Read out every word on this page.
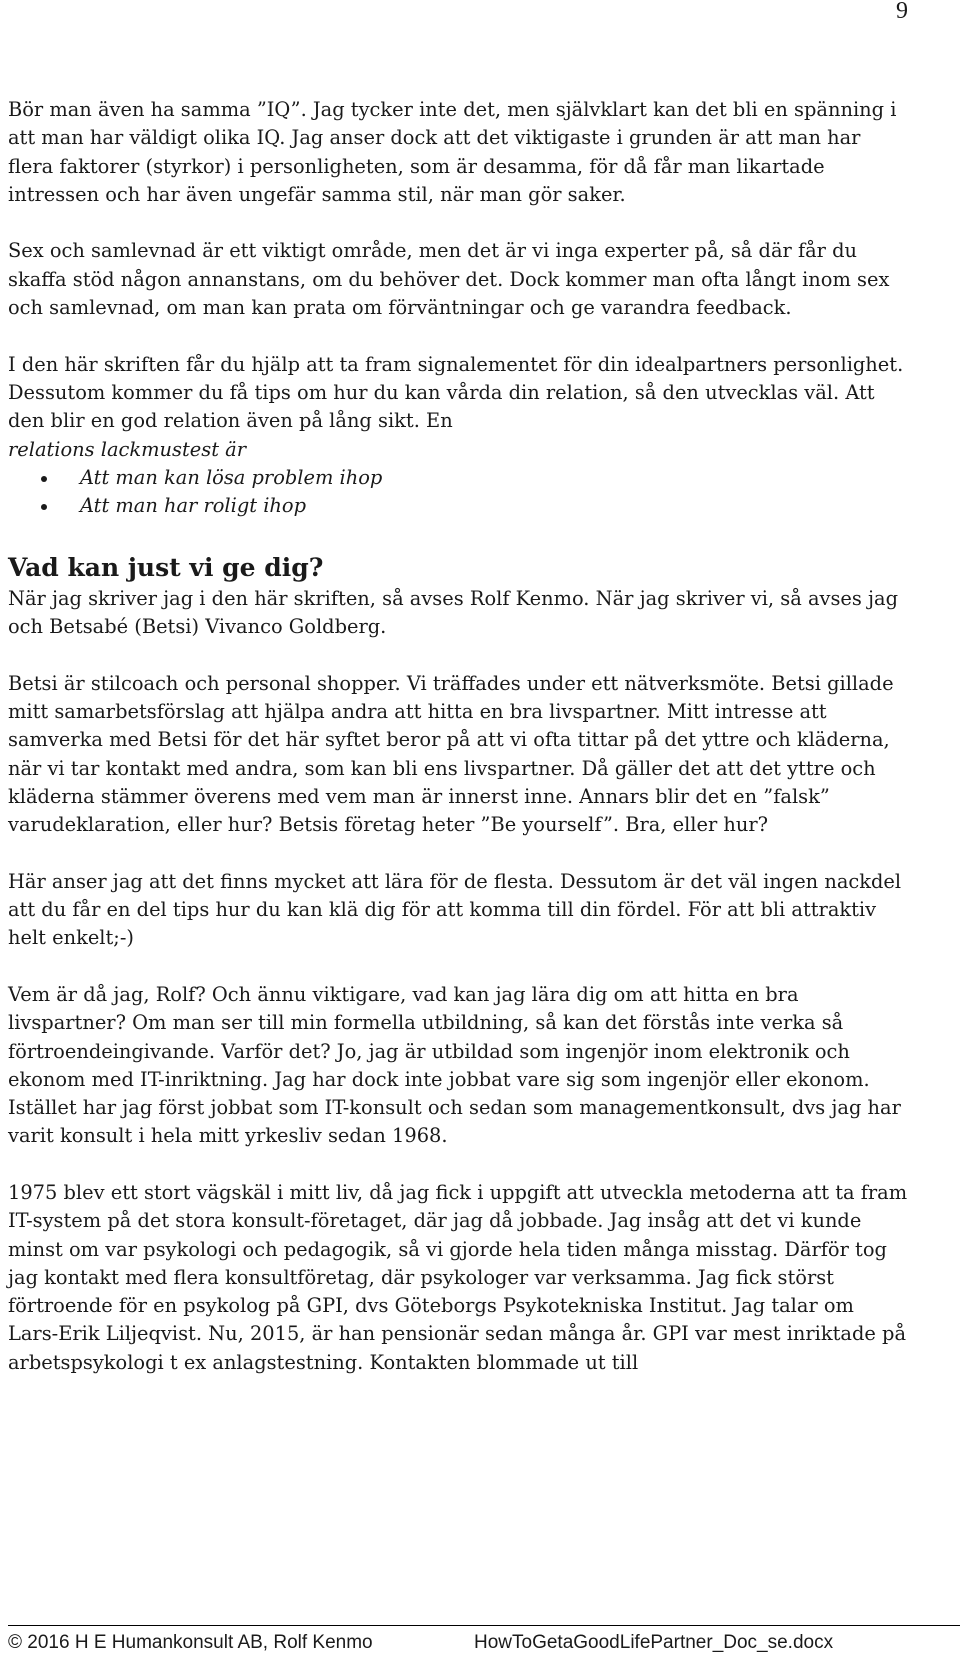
9

Bör man även ha samma ”IQ”. Jag tycker inte det, men självklart kan det bli en spänning i att man har väldigt olika IQ. Jag anser dock att det viktigaste i grunden är att man har flera faktorer (styrkor) i personligheten, som är desamma, för då får man likartade intressen och har även ungefär samma stil, när man gör saker.

Sex och samlevnad är ett viktigt område, men det är vi inga experter på, så där får du skaffa stöd någon annanstans, om du behöver det. Dock kommer man ofta långt inom sex och samlevnad, om man kan prata om förväntningar och ge varandra feedback.

I den här skriften får du hjälp att ta fram signalementet för din idealpartners personlighet. Dessutom kommer du få tips om hur du kan vårda din relation, så den utvecklas väl. Att den blir en god relation även på lång sikt. En

relations lackmustest är

Att man kan lösa problem ihop
Att man har roligt ihop
Vad kan just vi ge dig?

När jag skriver jag i den här skriften, så avses Rolf Kenmo. När jag skriver vi, så avses jag och Betsabé (Betsi) Vivanco Goldberg.

Betsi är stilcoach och personal shopper. Vi träffades under ett nätverksmöte. Betsi gillade mitt samarbetsförslag att hjälpa andra att hitta en bra livspartner. Mitt intresse att samverka med Betsi för det här syftet beror på att vi ofta tittar på det yttre och kläderna, när vi tar kontakt med andra, som kan bli ens livspartner. Då gäller det att det yttre och kläderna stämmer överens med vem man är innerst inne. Annars blir det en ”falsk” varudeklaration, eller hur? Betsis företag heter ”Be yourself”. Bra, eller hur?

Här anser jag att det finns mycket att lära för de flesta. Dessutom är det väl ingen nackdel att du får en del tips hur du kan klä dig för att komma till din fördel. För att bli attraktiv helt enkelt;-)

Vem är då jag, Rolf? Och ännu viktigare, vad kan jag lära dig om att hitta en bra livspartner? Om man ser till min formella utbildning, så kan det förstås inte verka så förtroendeingivande. Varför det? Jo, jag är utbildad som ingenjör inom elektronik och ekonom med IT-inriktning. Jag har dock inte jobbat vare sig som ingenjör eller ekonom. Istället har jag först jobbat som IT-konsult och sedan som managementkonsult, dvs jag har varit konsult i hela mitt yrkesliv sedan 1968.

1975 blev ett stort vägskäl i mitt liv, då jag fick i uppgift att utveckla metoderna att ta fram IT-system på det stora konsult-företaget, där jag då jobbade. Jag insåg att det vi kunde minst om var psykologi och pedagogik, så vi gjorde hela tiden många misstag. Därför tog jag kontakt med flera konsultföretag, där psykologer var verksamma. Jag fick störst förtroende för en psykolog på GPI, dvs Göteborgs Psykotekniska Institut. Jag talar om Lars-Erik Liljeqvist. Nu, 2015, är han pensionär sedan många år. GPI var mest inriktade på arbetspsykologi t ex anlagstestning. Kontakten blommade ut till

© 2016 H E Humankonsult AB, Rolf Kenmo	HowToGetaGoodLifePartner_Doc_se.docx
